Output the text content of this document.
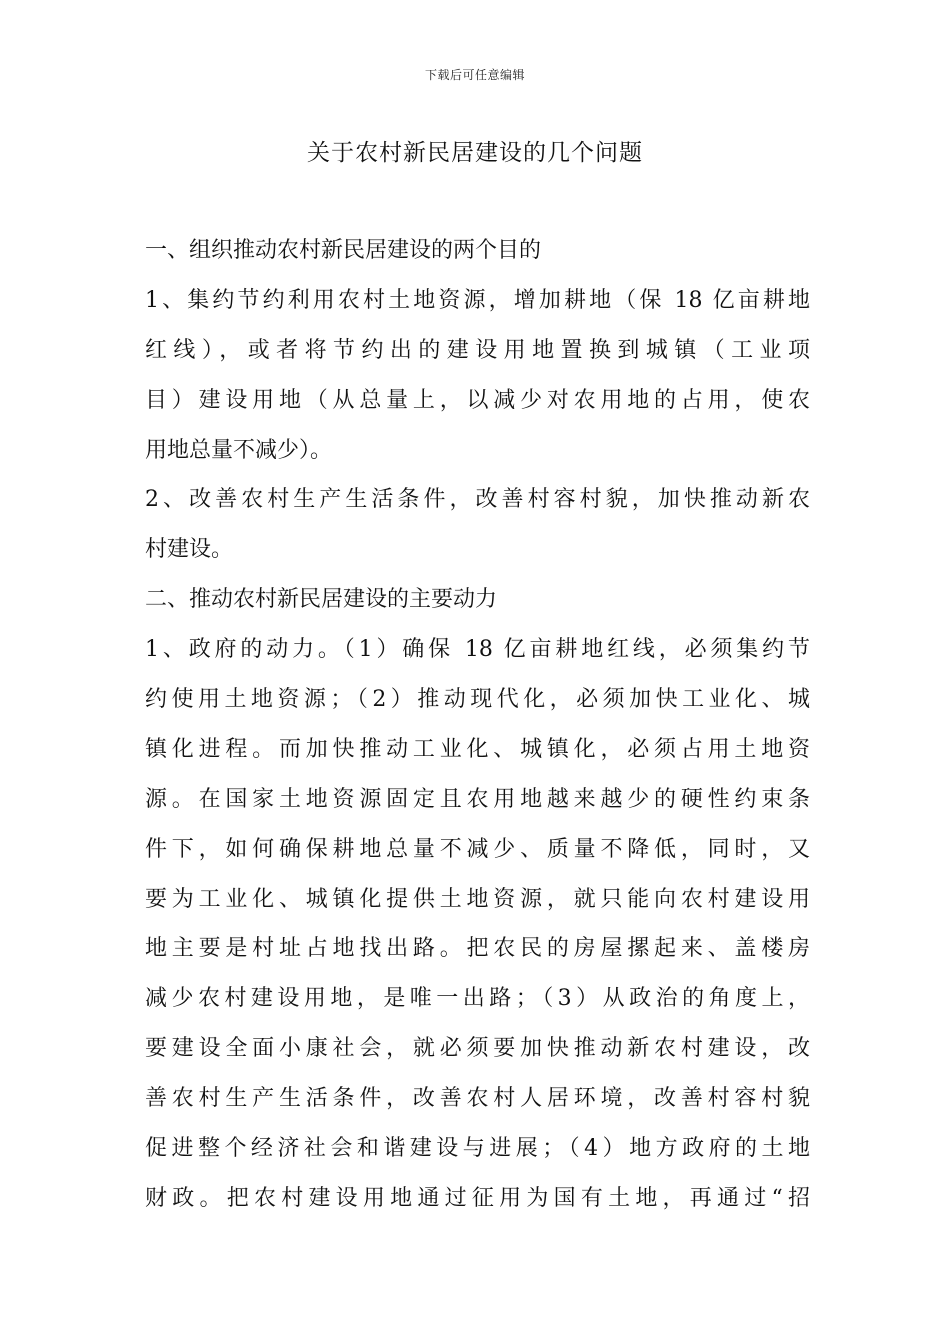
下载后可任意编辑
关于农村新民居建设的几个问题
一、组织推动农村新民居建设的两个目的
1、集约节约利用农村土地资源，增加耕地（保 18 亿亩耕地
红线），或者将节约出的建设用地置换到城镇（工业项
目）建设用地（从总量上，以减少对农用地的占用，使农
用地总量不减少）。
2、改善农村生产生活条件，改善村容村貌，加快推动新农
村建设。
二、推动农村新民居建设的主要动力
1、政府的动力。（1）确保 18 亿亩耕地红线，必须集约节
约使用土地资源；（2）推动现代化，必须加快工业化、城
镇化进程。而加快推动工业化、城镇化，必须占用土地资
源。在国家土地资源固定且农用地越来越少的硬性约束条
件下，如何确保耕地总量不减少、质量不降低，同时，又
要为工业化、城镇化提供土地资源，就只能向农村建设用
地主要是村址占地找出路。把农民的房屋摞起来、盖楼房
减少农村建设用地，是唯一出路；（3）从政治的角度上，
要建设全面小康社会，就必须要加快推动新农村建设，改
善农村生产生活条件，改善农村人居环境，改善村容村貌
促进整个经济社会和谐建设与进展；（4）地方政府的土地
财政。把农村建设用地通过征用为国有土地，再通过“招
